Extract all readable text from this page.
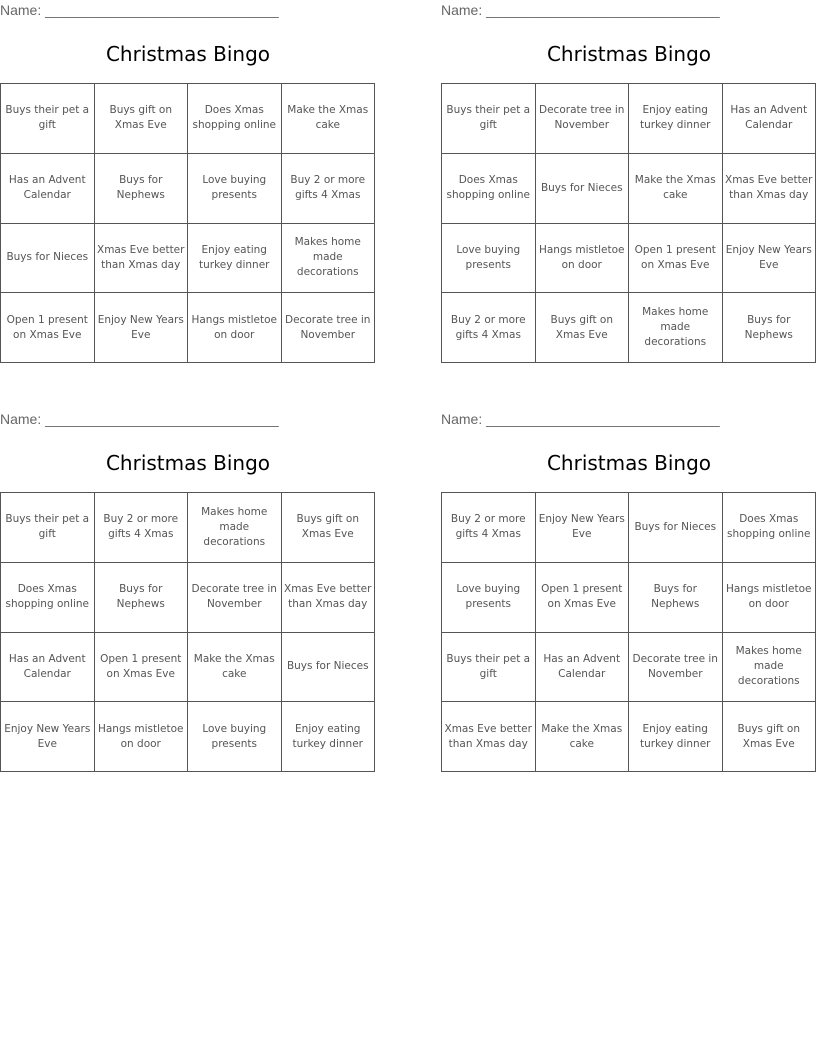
Name: ______________________________
Christmas Bingo
Buys their pet a gift
Buys gift on Xmas Eve
Does Xmas shopping online
Make the Xmas cake
Has an Advent Calendar
Buys for Nephews
Love buying presents
Buy 2 or more gifts 4 Xmas
Buys for Nieces
Xmas Eve better than Xmas day
Enjoy eating turkey dinner
Makes home made decorations
Open 1 present on Xmas Eve
Enjoy New Years Eve
Hangs mistletoe on door
Decorate tree in November
Name: ______________________________
Christmas Bingo
Buys their pet a gift
Decorate tree in November
Enjoy eating turkey dinner
Has an Advent Calendar
Does Xmas shopping online
Buys for Nieces
Make the Xmas cake
Xmas Eve better than Xmas day
Love buying presents
Hangs mistletoe on door
Open 1 present on Xmas Eve
Enjoy New Years Eve
Buy 2 or more gifts 4 Xmas
Buys gift on Xmas Eve
Makes home made decorations
Buys for Nephews
Name: ______________________________
Christmas Bingo
Buys their pet a gift
Buy 2 or more gifts 4 Xmas
Makes home made decorations
Buys gift on Xmas Eve
Does Xmas shopping online
Buys for Nephews
Decorate tree in November
Xmas Eve better than Xmas day
Has an Advent Calendar
Open 1 present on Xmas Eve
Make the Xmas cake
Buys for Nieces
Enjoy New Years Eve
Hangs mistletoe on door
Love buying presents
Enjoy eating turkey dinner
Name: ______________________________
Christmas Bingo
Buy 2 or more gifts 4 Xmas
Enjoy New Years Eve
Buys for Nieces
Does Xmas shopping online
Love buying presents
Open 1 present on Xmas Eve
Buys for Nephews
Hangs mistletoe on door
Buys their pet a gift
Has an Advent Calendar
Decorate tree in November
Makes home made decorations
Xmas Eve better than Xmas day
Make the Xmas cake
Enjoy eating turkey dinner
Buys gift on Xmas Eve
